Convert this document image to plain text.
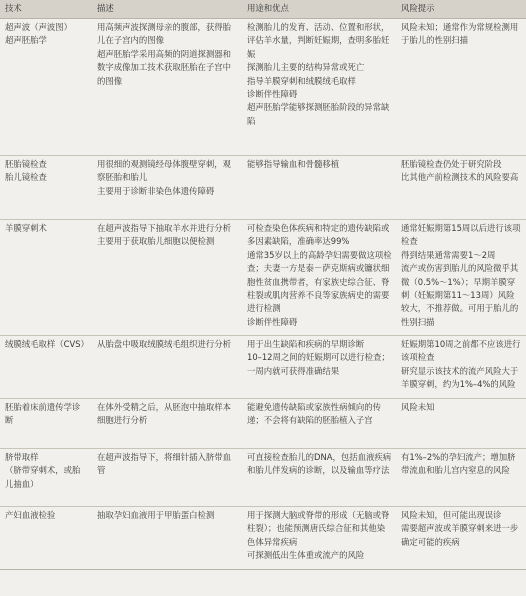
技术	描述	用途和优点	风险提示
超声波（声波图）
超声胚胎学	用高频声波探测母亲的腹部，获得胎儿在子宫内的图像
超声胚胎学采用高频的阴道探测器和数字成像加工技术获取胚胎在子宫中的图像	检测胎儿的发育、活动、位置和形状，评估羊水量，判断妊娠期，查明多胎妊娠
探测胎儿主要的结构异常或死亡
指导羊膜穿刺和绒膜绒毛取样
诊断伴性障碍
超声胚胎学能够探测胚胎阶段的异常缺陷	风险未知；通常作为常规检测用于胎儿的性别扫描
胚胎镜检查
胎儿镜检查	用很细的观测镜经母体腹壁穿刺，观察胚胎和胎儿
主要用于诊断非染色体遗传障碍	能够指导输血和骨髓移植	胚胎镜检查仍处于研究阶段
比其他产前检测技术的风险要高
羊膜穿刺术	在超声波指导下抽取羊水并进行分析
主要用于获取胎儿细胞以便检测	可检查染色体疾病和特定的遗传缺陷或多因素缺陷，准确率达99%
通常35岁以上的高龄孕妇需要做这项检查；夫妻一方是泰－萨克斯病或镰状细胞性贫血携带者，有家族史综合征、脊柱裂或肌肉营养不良等家族病史的需要进行检测
诊断伴性障碍	通常妊娠期第15周以后进行该项检查
得到结果通常需要1～2周
流产或伤害到胎儿的风险微乎其微（0.5%～1%）；早期羊膜穿刺（妊娠期第11～13周）风险较大，不推荐做。可用于胎儿的性别扫描
绒膜绒毛取样（CVS）	从胎盘中吸取绒膜绒毛组织进行分析	用于出生缺陷和疾病的早期诊断
10–12周之间的妊娠期可以进行检查；一周内就可获得准确结果	妊娠期第10周之前都不应该进行该项检查
研究显示该技术的流产风险大于羊膜穿刺，约为1%–4%的风险
胚胎着床前遗传学诊断	在体外受精之后，从胚泡中抽取样本细胞进行分析	能避免遗传缺陷或家族性病倾向的传递；不会将有缺陷的胚胎植入子宫	风险未知
脐带取样
（脐带穿刺术，或胎儿抽血）	在超声波指导下，将细针插入脐带血管	可直接检查胎儿的DNA，包括血液疾病和胎儿伴发病的诊断，以及输血等疗法	有1%–2%的孕妇流产；增加脐带流血和胎儿宫内窒息的风险
产妇血液检验	抽取孕妇血液用于甲胎蛋白检测	用于探测大脑或脊带的形成（无脑或脊柱裂）；也能预测唐氏综合征和其他染色体异常疾病
可探测低出生体重或流产的风险	风险未知，但可能出现误诊
需要超声波或羊膜穿刺来进一步确定可能的疾病
